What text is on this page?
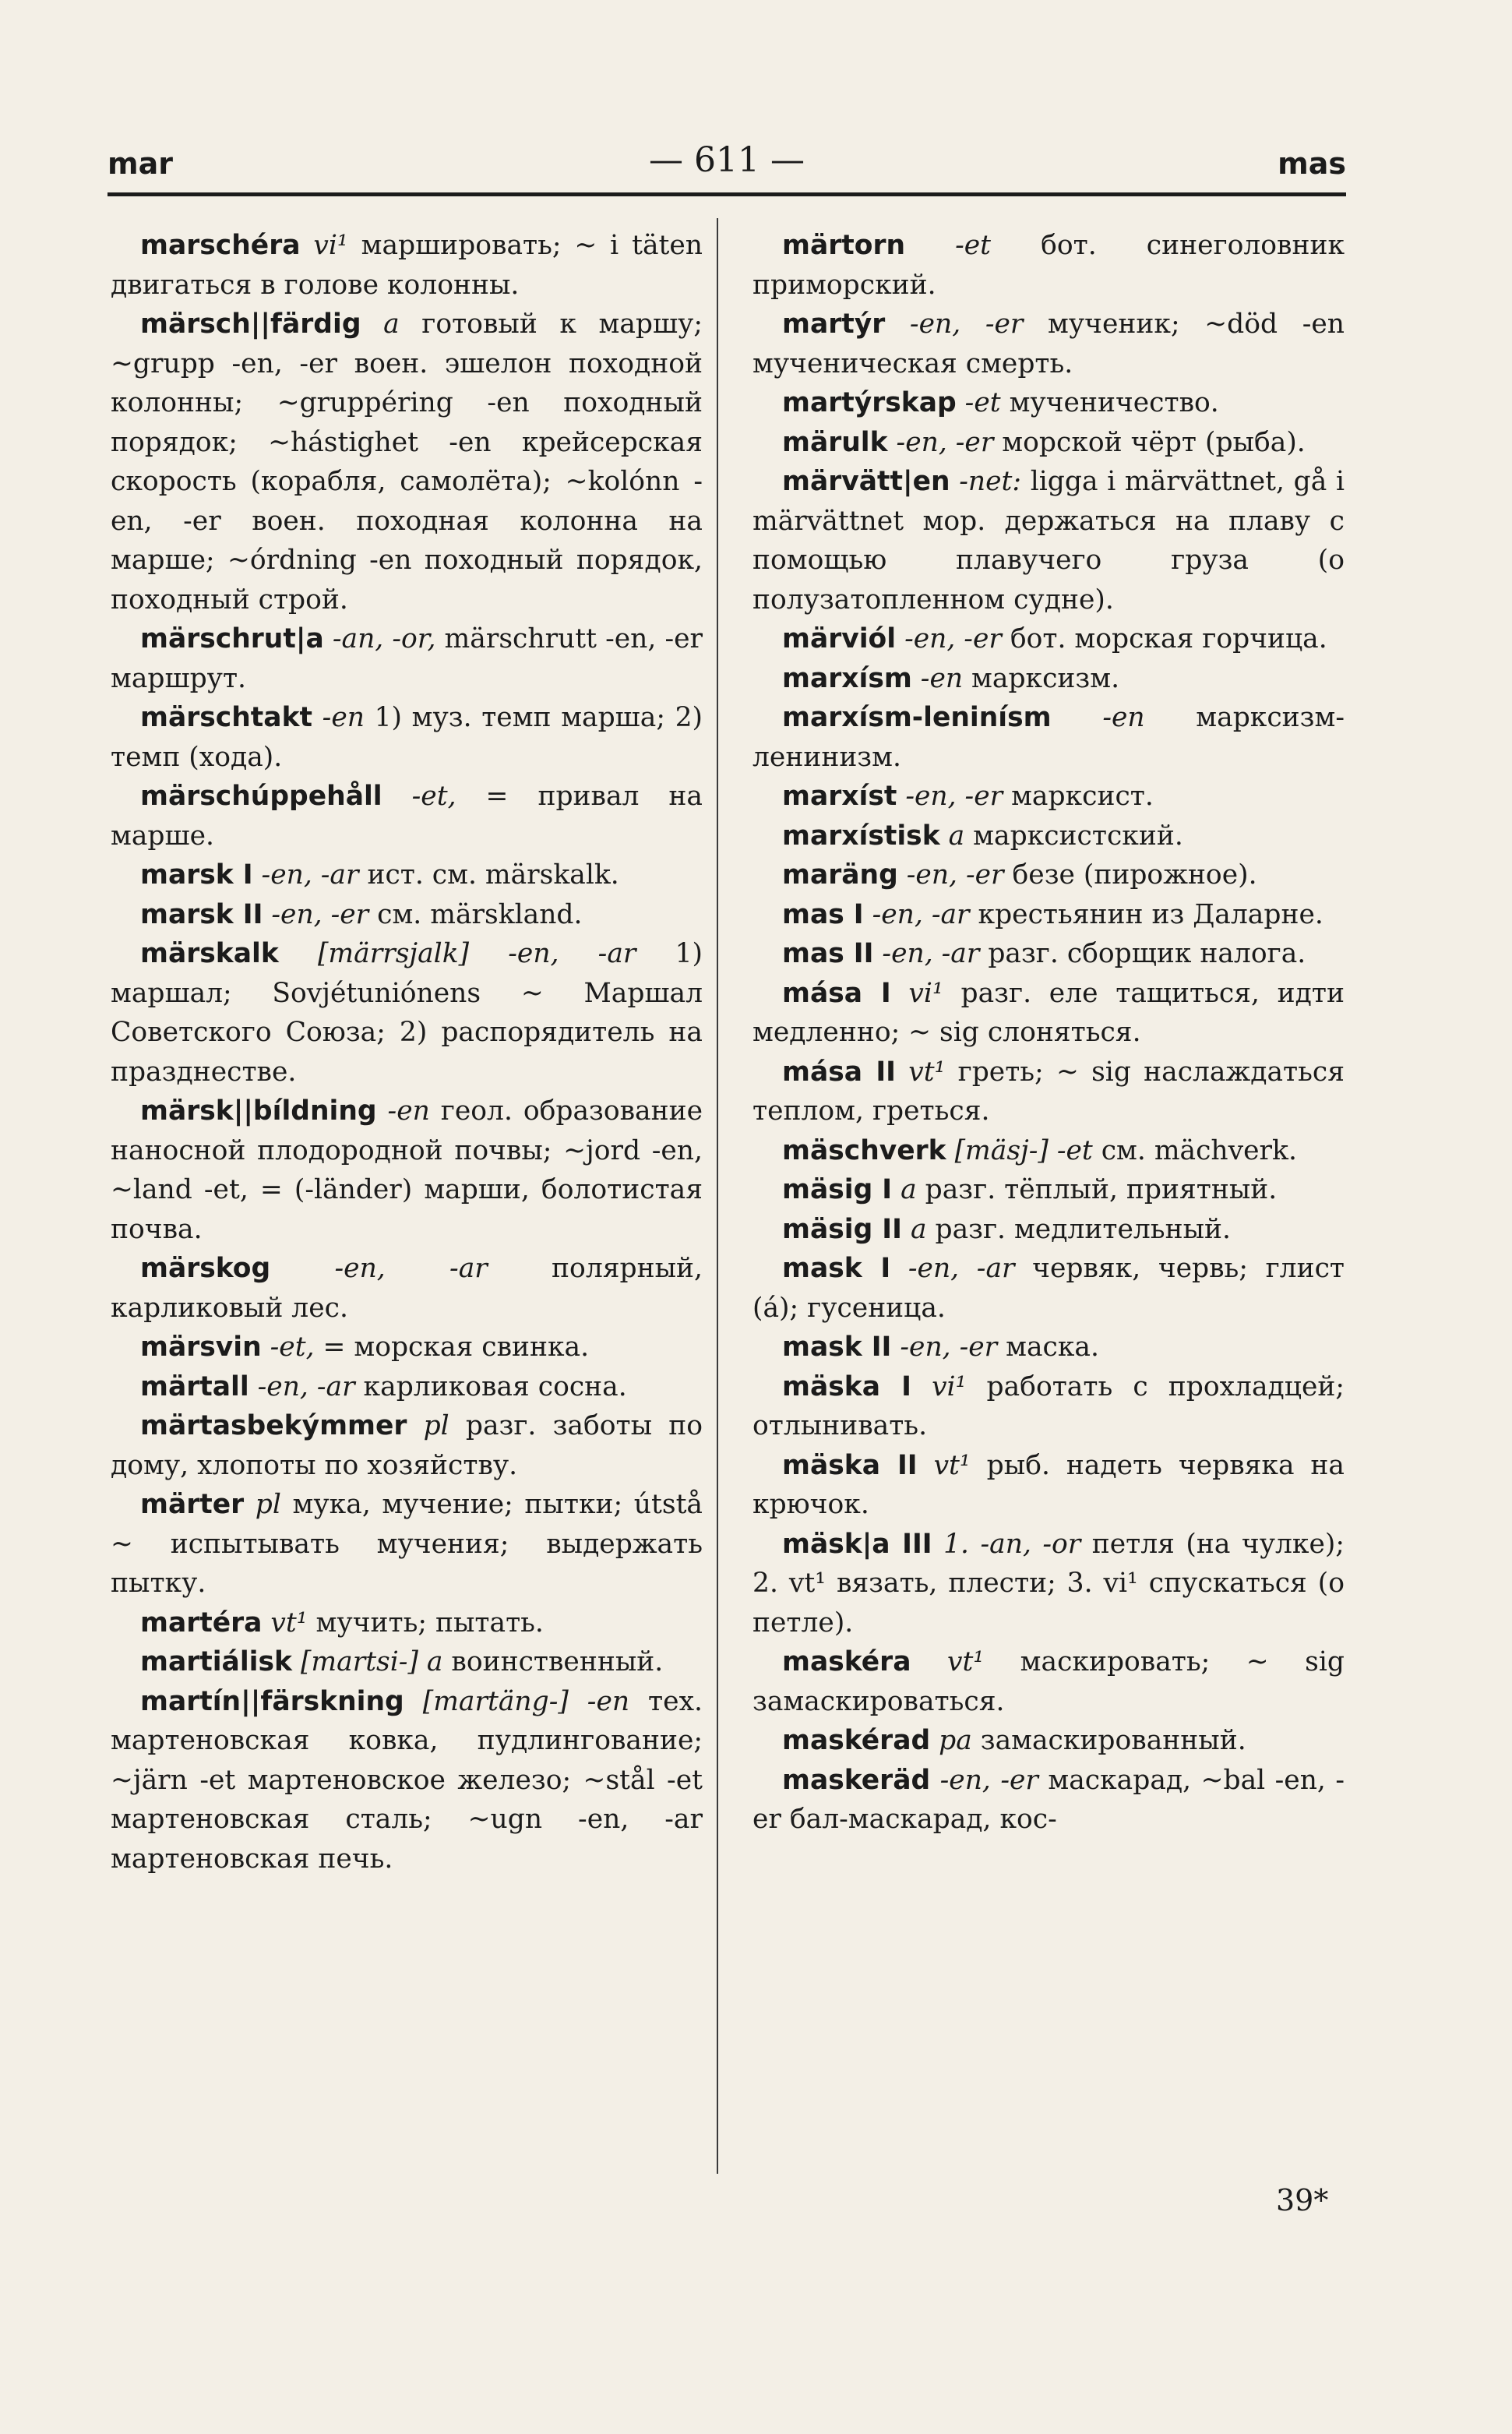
mar	— 611 —	mas

marschéra vi¹ маршировать; ~ i täten двигаться в голове колонны.

märsch||färdig a готовый к маршу; ~grupp -en, -er воен. эшелон походной колонны; ~gruppéring -en походный порядок; ~hástighet -en крейсерская скорость (корабля, самолёта); ~kolónn -en, -er воен. походная колонна на марше; ~órdning -en походный порядок, походный строй.

märschrut|a -an, -or, märschrutt -en, -er маршрут.

märschtakt -en 1) муз. темп марша; 2) темп (хода).

märschúppehåll -et, = привал на марше.

marsk I -en, -ar ист. см. märskalk.

marsk II -en, -er см. märskland.

märskalk [märrsjalk] -en, -ar 1) маршал; Sovjétuniónens ~ Маршал Советского Союза; 2) распорядитель на празднестве.

märsk||bíldning -en геол. образование наносной плодородной почвы; ~jord -en, ~land -et, = (-länder) марши, болотистая почва.

märskog -en, -ar полярный, карликовый лес.

märsvin -et, = морская свинка.

märtall -en, -ar карликовая сосна.

märtasbekýmmer pl разг. заботы по дому, хлопоты по хозяйству.

märter pl мука, мучение; пытки; útstå ~ испытывать мучения; выдержать пытку.

martéra vt¹ мучить; пытать.

martiálisk [martsi-] a воинственный.

martín||färskning [martäng-] -en тех. мартеновская ковка, пудлингование; ~järn -et мартеновское железо; ~stål -et мартеновская сталь; ~ugn -en, -ar мартеновская печь.

märtorn -et бот. синеголовник приморский.

martýr -en, -er мученик; ~död -en мученическая смерть.

martýrskap -et мученичество.

märulk -en, -er морской чёрт (рыба).

märvätt|en -net: ligga i märvättnet, gå i märvättnet мор. держаться на плаву с помощью плавучего груза (о полузатопленном судне).

märviól -en, -er бот. морская горчица.

marxísm -en марксизм.

marxísm-leninísm -en марксизм-ленинизм.

marxíst -en, -er марксист.

marxístisk a марксистский.

maräng -en, -er безе (пирожное).

mas I -en, -ar крестьянин из Даларне.

mas II -en, -ar разг. сборщик налога.

mása I vi¹ разг. еле тащиться, идти медленно; ~ sig слоняться.

mása II vt¹ греть; ~ sig наслаждаться теплом, греться.

mäschverk [mäsj-] -et см. mächverk.

mäsig I a разг. тёплый, приятный.

mäsig II a разг. медлительный.

mask I -en, -ar червяк, червь; глист (á); гусеница.

mask II -en, -er маска.

mäska I vi¹ работать с прохладцей; отлынивать.

mäska II vt¹ рыб. надеть червяка на крючок.

mäsk|a III 1. -an, -or петля (на чулке); 2. vt¹ вязать, плести; 3. vi¹ спускаться (о петле).

maskéra vt¹ маскировать; ~ sig замаскироваться.

maskérad pa замаскированный.

maskeräd -en, -er маскарад, ~bal -en, -er бал-маскарад, кос-

39*
